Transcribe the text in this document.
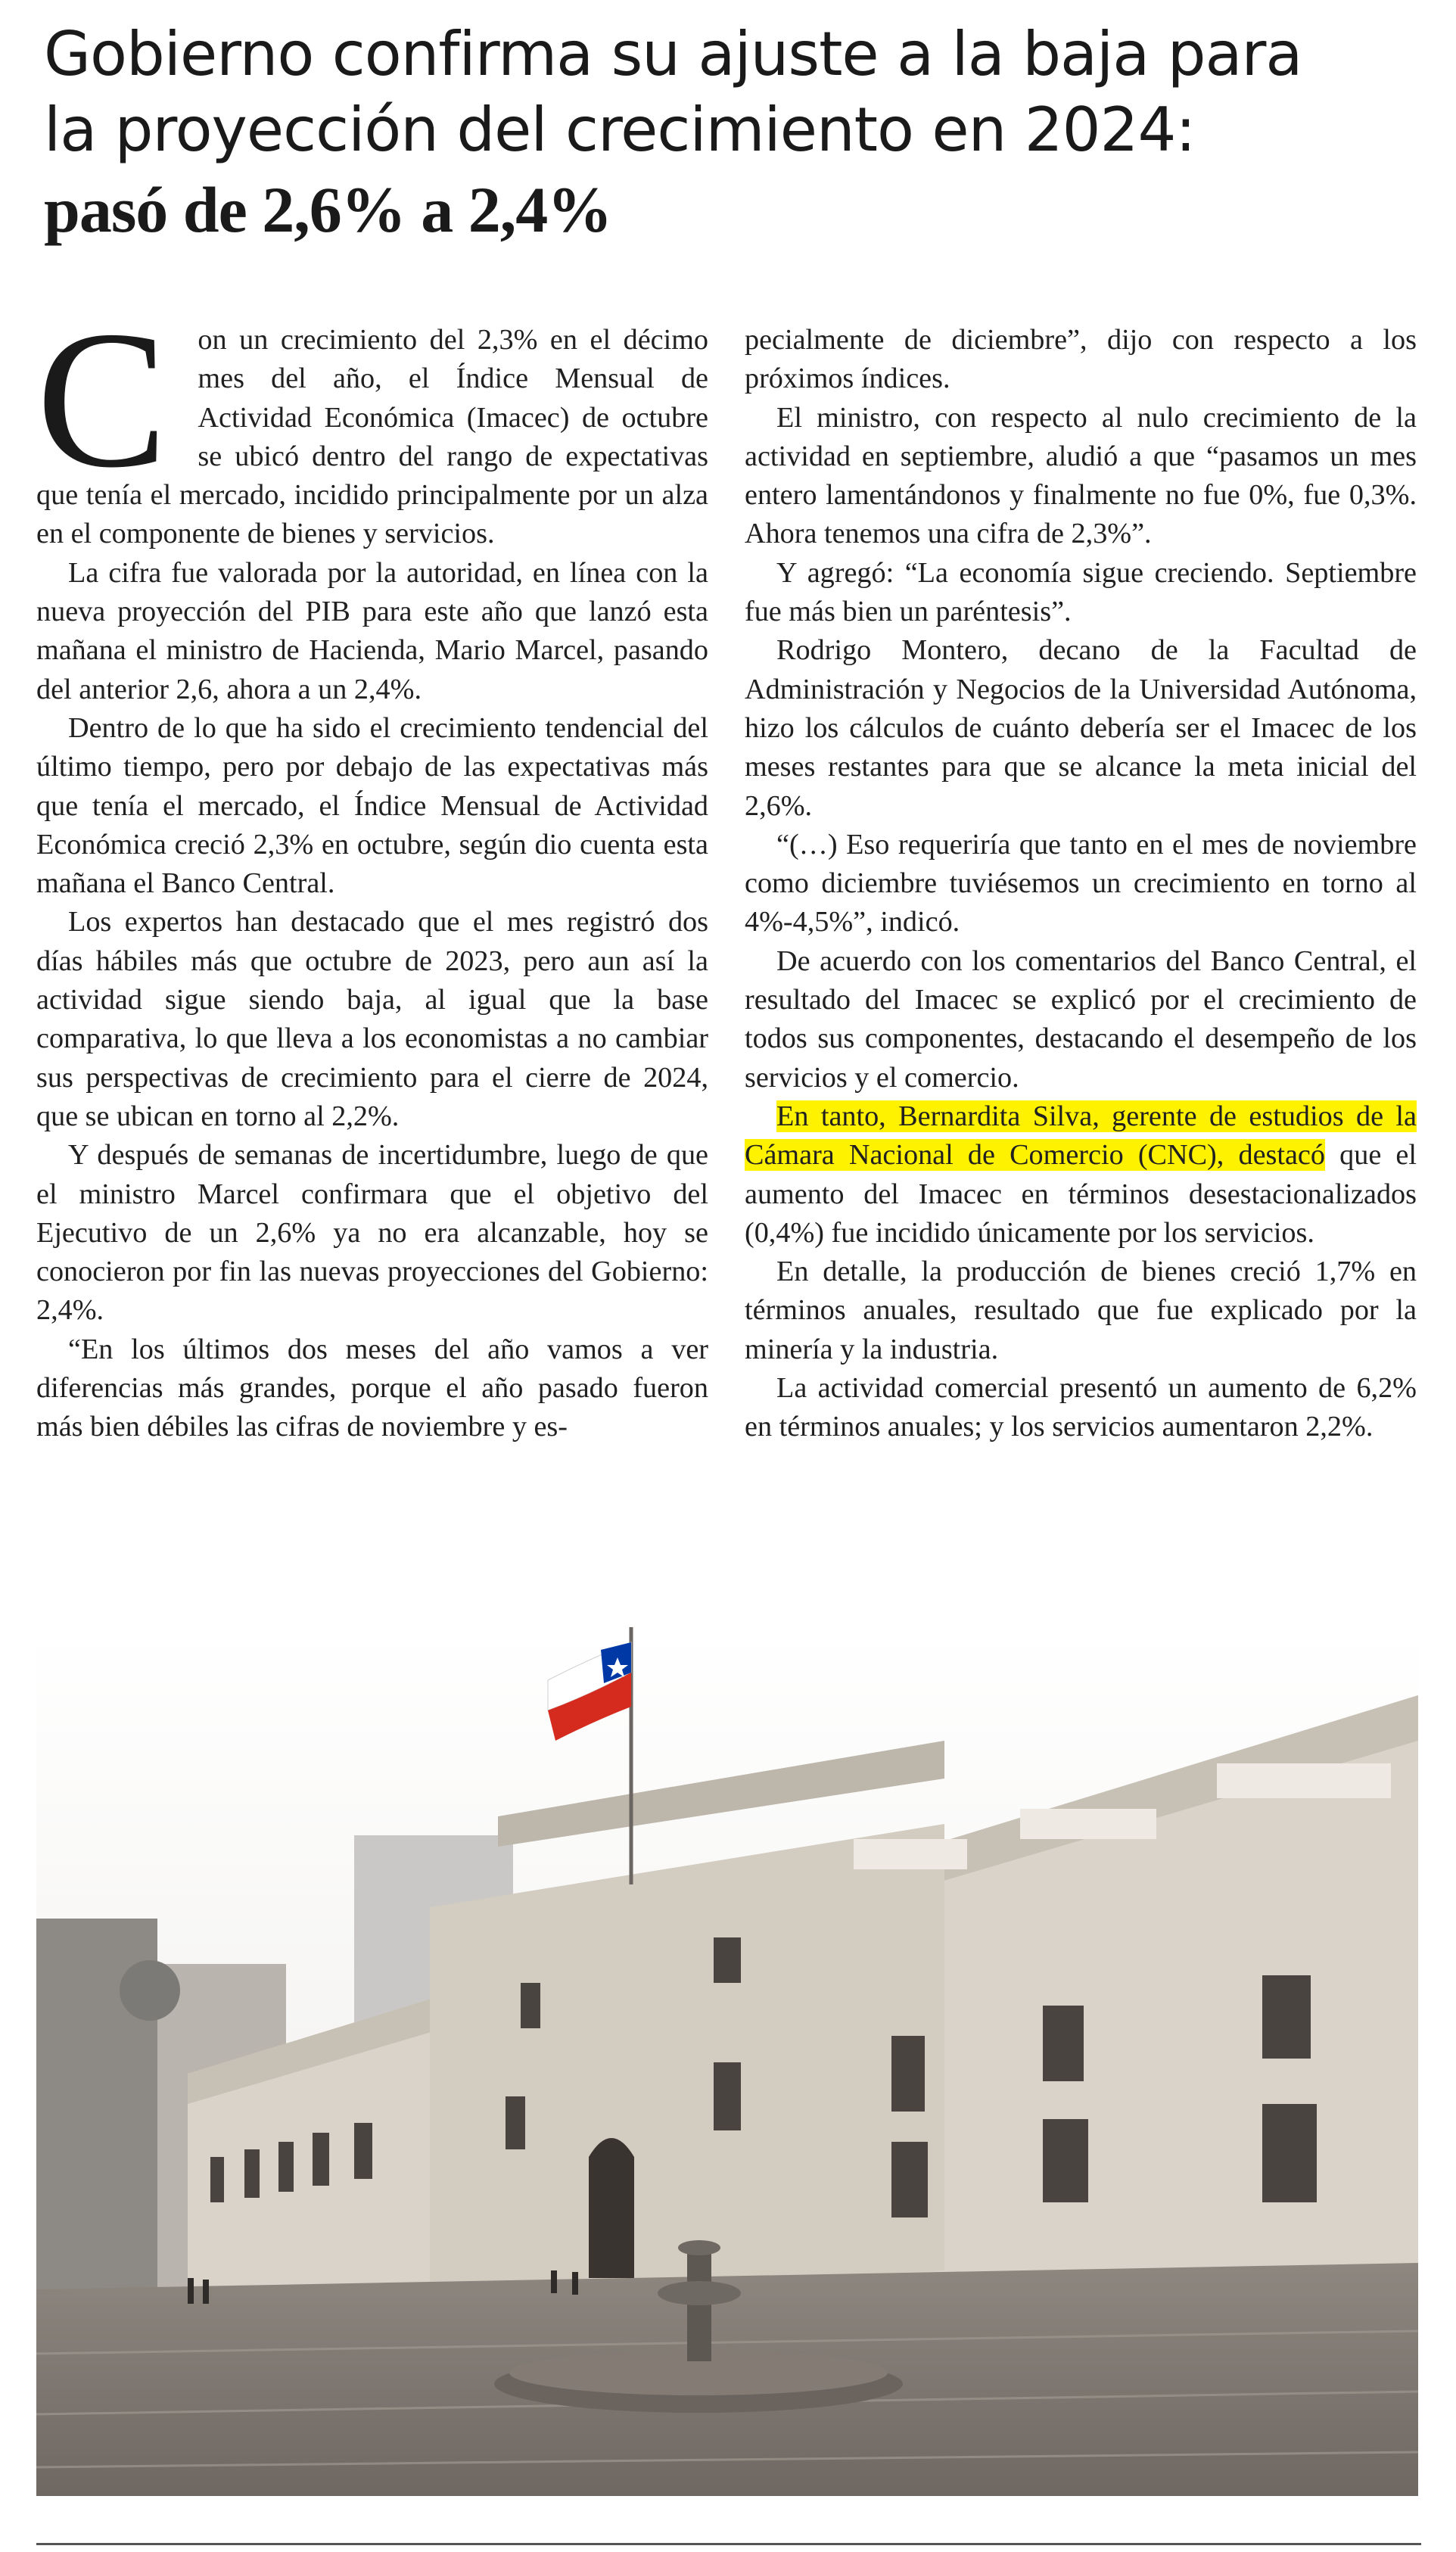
Gobierno confirma su ajuste a la baja para
la proyección del crecimiento en 2024:
pasó de 2,6% a 2,4%

C on un crecimiento del 2,3% en el décimo mes del año, el Índice Mensual de Actividad Económica (Imacec) de octubre se ubicó dentro del rango de expectativas que tenía el mercado, incidido principalmente por un alza en el componente de bienes y servicios.

La cifra fue valorada por la autoridad, en línea con la nueva proyección del PIB para este año que lanzó esta mañana el ministro de Hacienda, Mario Marcel, pasando del anterior 2,6, ahora a un 2,4%.

Dentro de lo que ha sido el crecimiento tendencial del último tiempo, pero por debajo de las expectativas más que tenía el mercado, el Índice Mensual de Actividad Económica creció 2,3% en octubre, según dio cuenta esta mañana el Banco Central.

Los expertos han destacado que el mes registró dos días hábiles más que octubre de 2023, pero aun así la actividad sigue siendo baja, al igual que la base comparativa, lo que lleva a los economistas a no cambiar sus perspectivas de crecimiento para el cierre de 2024, que se ubican en torno al 2,2%.

Y después de semanas de incertidumbre, luego de que el ministro Marcel confirmara que el objetivo del Ejecutivo de un 2,6% ya no era alcanzable, hoy se conocieron por fin las nuevas proyecciones del Gobierno: 2,4%.

“En los últimos dos meses del año vamos a ver diferencias más grandes, porque el año pasado fueron más bien débiles las cifras de noviembre y es-

pecialmente de diciembre”, dijo con respecto a los próximos índices.

El ministro, con respecto al nulo crecimiento de la actividad en septiembre, aludió a que “pasamos un mes entero lamentándonos y finalmente no fue 0%, fue 0,3%. Ahora tenemos una cifra de 2,3%”.

Y agregó: “La economía sigue creciendo. Septiembre fue más bien un paréntesis”.

Rodrigo Montero, decano de la Facultad de Administración y Negocios de la Universidad Autónoma, hizo los cálculos de cuánto debería ser el Imacec de los meses restantes para que se alcance la meta inicial del 2,6%.

“(…) Eso requeriría que tanto en el mes de noviembre como diciembre tuviésemos un crecimiento en torno al 4%-4,5%”, indicó.

De acuerdo con los comentarios del Banco Central, el resultado del Imacec se explicó por el crecimiento de todos sus componentes, destacando el desempeño de los servicios y el comercio.

En tanto, Bernardita Silva, gerente de estudios de la Cámara Nacional de Comercio (CNC), destacó que el aumento del Imacec en términos desestacionalizados (0,4%) fue incidido únicamente por los servicios.

En detalle, la producción de bienes creció 1,7% en términos anuales, resultado que fue explicado por la minería y la industria.

La actividad comercial presentó un aumento de 6,2% en términos anuales; y los servicios aumentaron 2,2%.
